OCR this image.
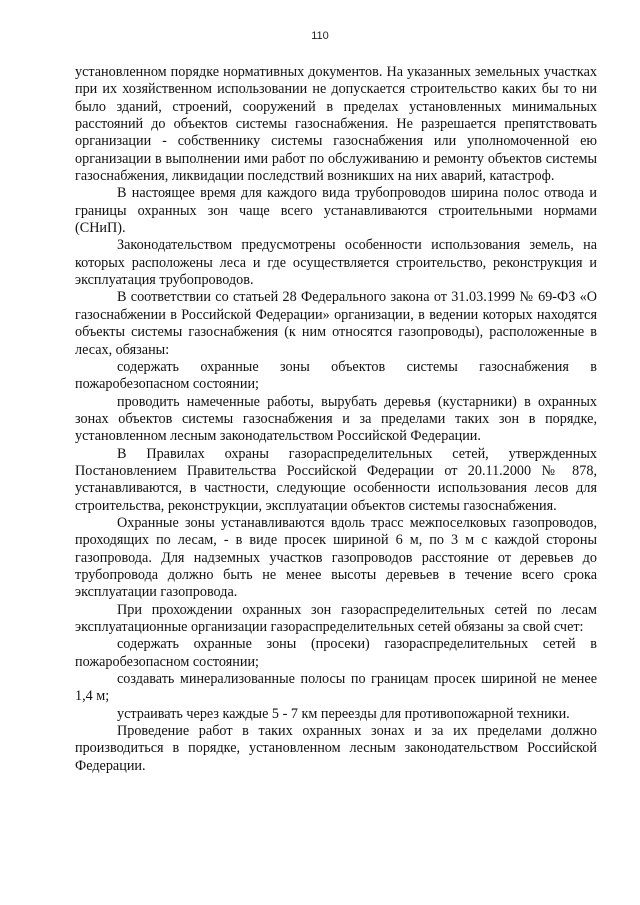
110

установленном порядке нормативных документов. На указанных земельных участках при их хозяйственном использовании не допускается строительство каких бы то ни было зданий, строений, сооружений в пределах установленных минимальных расстояний до объектов системы газоснабжения. Не разрешается препятствовать организации - собственнику системы газоснабжения или уполномоченной ею организации в выполнении ими работ по обслуживанию и ремонту объектов системы газоснабжения, ликвидации последствий возникших на них аварий, катастроф.

В настоящее время для каждого вида трубопроводов ширина полос отвода и границы охранных зон чаще всего устанавливаются строительными нормами (СНиП).

Законодательством предусмотрены особенности использования земель, на которых расположены леса и где осуществляется строительство, реконструкция и эксплуатация трубопроводов.

В соответствии со статьей 28 Федерального закона от 31.03.1999 № 69-ФЗ «О газоснабжении в Российской Федерации» организации, в ведении которых находятся объекты системы газоснабжения (к ним относятся газопроводы), расположенные в лесах, обязаны:

содержать охранные зоны объектов системы газоснабжения в пожаробезопасном состоянии;

проводить намеченные работы, вырубать деревья (кустарники) в охранных зонах объектов системы газоснабжения и за пределами таких зон в порядке, установленном лесным законодательством Российской Федерации.

В Правилах охраны газораспределительных сетей, утвержденных Постановлением Правительства Российской Федерации от 20.11.2000 № 878, устанавливаются, в частности, следующие особенности использования лесов для строительства, реконструкции, эксплуатации объектов системы газоснабжения.

Охранные зоны устанавливаются вдоль трасс межпоселковых газопроводов, проходящих по лесам, - в виде просек шириной 6 м, по 3 м с каждой стороны газопровода. Для надземных участков газопроводов расстояние от деревьев до трубопровода должно быть не менее высоты деревьев в течение всего срока эксплуатации газопровода.

При прохождении охранных зон газораспределительных сетей по лесам эксплуатационные организации газораспределительных сетей обязаны за свой счет:

содержать охранные зоны (просеки) газораспределительных сетей в пожаробезопасном состоянии;

создавать минерализованные полосы по границам просек шириной не менее 1,4 м;

устраивать через каждые 5 - 7 км переезды для противопожарной техники.

Проведение работ в таких охранных зонах и за их пределами должно производиться в порядке, установленном лесным законодательством Российской Федерации.
